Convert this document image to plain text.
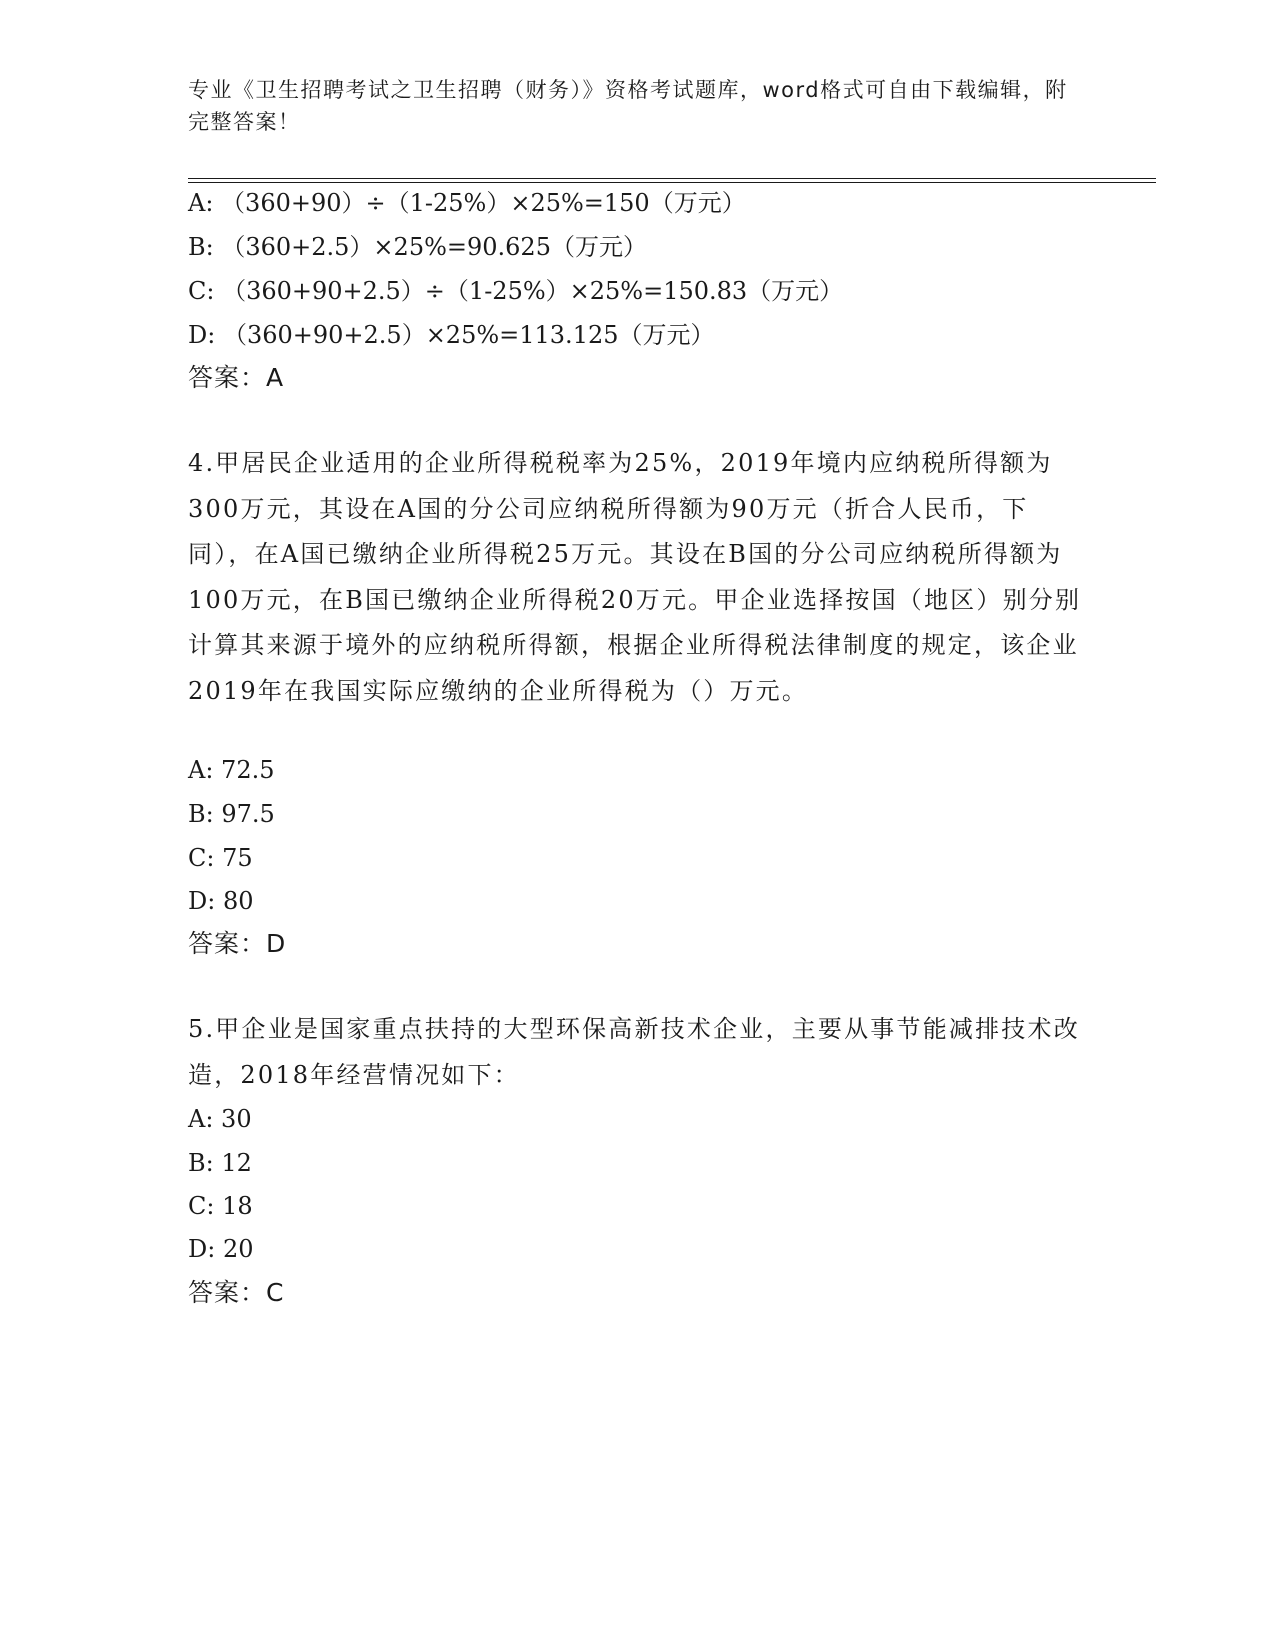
专业《卫生招聘考试之卫生招聘（财务）》资格考试题库，word格式可自由下载编辑，附完整答案！
A: （360+90）÷（1-25%）×25%=150（万元）
B: （360+2.5）×25%=90.625（万元）
C: （360+90+2.5）÷（1-25%）×25%=150.83（万元）
D: （360+90+2.5）×25%=113.125（万元）
答案：A
4.甲居民企业适用的企业所得税税率为25%，2019年境内应纳税所得额为300万元，其设在A国的分公司应纳税所得额为90万元（折合人民币，下同），在A国已缴纳企业所得税25万元。其设在B国的分公司应纳税所得额为100万元，在B国已缴纳企业所得税20万元。甲企业选择按国（地区）别分别计算其来源于境外的应纳税所得额，根据企业所得税法律制度的规定，该企业2019年在我国实际应缴纳的企业所得税为（）万元。
A: 72.5
B: 97.5
C: 75
D: 80
答案：D
5.甲企业是国家重点扶持的大型环保高新技术企业，主要从事节能减排技术改造，2018年经营情况如下：
A: 30
B: 12
C: 18
D: 20
答案：C
